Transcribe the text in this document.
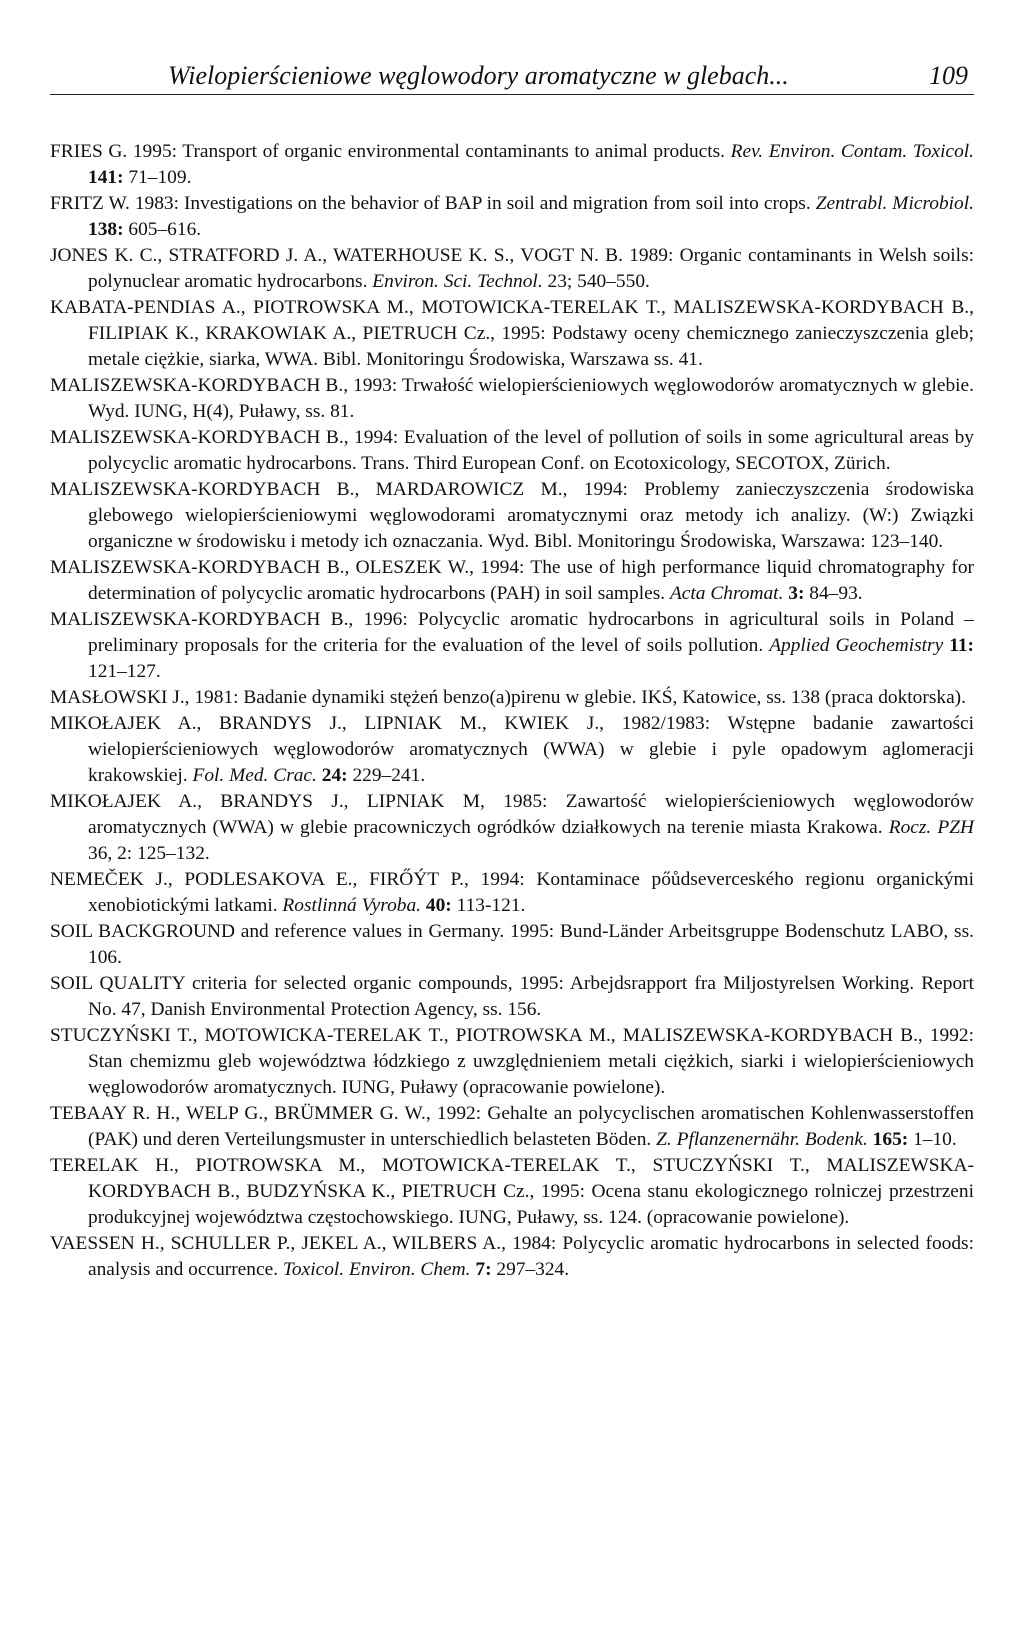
Wielopierścieniowe węglowodory aromatyczne w glebach...	109

FRIES G. 1995: Transport of organic environmental contaminants to animal products. Rev. Environ. Contam. Toxicol. 141: 71–109.

FRITZ W. 1983: Investigations on the behavior of BAP in soil and migration from soil into crops. Zentrabl. Microbiol. 138: 605–616.

JONES K. C., STRATFORD J. A., WATERHOUSE K. S., VOGT N. B. 1989: Organic contaminants in Welsh soils: polynuclear aromatic hydrocarbons. Environ. Sci. Technol. 23; 540–550.

KABATA-PENDIAS A., PIOTROWSKA M., MOTOWICKA-TERELAK T., MALISZEWSKA-KORDYBACH B., FILIPIAK K., KRAKOWIAK A., PIETRUCH Cz., 1995: Podstawy oceny chemicznego zanieczyszczenia gleb; metale ciężkie, siarka, WWA. Bibl. Monitoringu Środowiska, Warszawa ss. 41.

MALISZEWSKA-KORDYBACH B., 1993: Trwałość wielopierścieniowych węglowodorów aromatycznych w glebie. Wyd. IUNG, H(4), Puławy, ss. 81.

MALISZEWSKA-KORDYBACH B., 1994: Evaluation of the level of pollution of soils in some agricultural areas by polycyclic aromatic hydrocarbons. Trans. Third European Conf. on Ecotoxicology, SECOTOX, Zürich.

MALISZEWSKA-KORDYBACH B., MARDAROWICZ M., 1994: Problemy zanieczyszczenia środowiska glebowego wielopierścieniowymi węglowodorami aromatycznymi oraz metody ich analizy. (W:) Związki organiczne w środowisku i metody ich oznaczania. Wyd. Bibl. Monitoringu Środowiska, Warszawa: 123–140.

MALISZEWSKA-KORDYBACH B., OLESZEK W., 1994: The use of high performance liquid chromatography for determination of polycyclic aromatic hydrocarbons (PAH) in soil samples. Acta Chromat. 3: 84–93.

MALISZEWSKA-KORDYBACH B., 1996: Polycyclic aromatic hydrocarbons in agricultural soils in Poland – preliminary proposals for the criteria for the evaluation of the level of soils pollution. Applied Geochemistry 11: 121–127.

MASŁOWSKI J., 1981: Badanie dynamiki stężeń benzo(a)pirenu w glebie. IKŚ, Katowice, ss. 138 (praca doktorska).

MIKOŁAJEK A., BRANDYS J., LIPNIAK M., KWIEK J., 1982/1983: Wstępne badanie zawartości wielopierścieniowych węglowodorów aromatycznych (WWA) w glebie i pyle opadowym aglomeracji krakowskiej. Fol. Med. Crac. 24: 229–241.

MIKOŁAJEK A., BRANDYS J., LIPNIAK M, 1985: Zawartość wielopierścieniowych węglowodorów aromatycznych (WWA) w glebie pracowniczych ogródków działkowych na terenie miasta Krakowa. Rocz. PZH 36, 2: 125–132.

NEMEČEK J., PODLESAKOVA E., FIRŐÝT P., 1994: Kontaminace pőůdseverceského regionu organickými xenobiotickými latkami. Rostlinná Vyroba. 40: 113-121.

SOIL BACKGROUND and reference values in Germany. 1995: Bund-Länder Arbeitsgruppe Bodenschutz LABO, ss. 106.

SOIL QUALITY criteria for selected organic compounds, 1995: Arbejdsrapport fra Miljostyrelsen Working. Report No. 47, Danish Environmental Protection Agency, ss. 156.

STUCZYŃSKI T., MOTOWICKA-TERELAK T., PIOTROWSKA M., MALISZEWSKA-KORDYBACH B., 1992: Stan chemizmu gleb województwa łódzkiego z uwzględnieniem metali ciężkich, siarki i wielopierścieniowych węglowodorów aromatycznych. IUNG, Puławy (opracowanie powielone).

TEBAAY R. H., WELP G., BRÜMMER G. W., 1992: Gehalte an polycyclischen aromatischen Kohlenwasserstoffen (PAK) und deren Verteilungsmuster in unterschiedlich belasteten Böden. Z. Pflanzenernähr. Bodenk. 165: 1–10.

TERELAK H., PIOTROWSKA M., MOTOWICKA-TERELAK T., STUCZYŃSKI T., MALISZEWSKA-KORDYBACH B., BUDZYŃSKA K., PIETRUCH Cz., 1995: Ocena stanu ekologicznego rolniczej przestrzeni produkcyjnej województwa częstochowskiego. IUNG, Puławy, ss. 124. (opracowanie powielone).

VAESSEN H., SCHULLER P., JEKEL A., WILBERS A., 1984: Polycyclic aromatic hydrocarbons in selected foods: analysis and occurrence. Toxicol. Environ. Chem. 7: 297–324.
